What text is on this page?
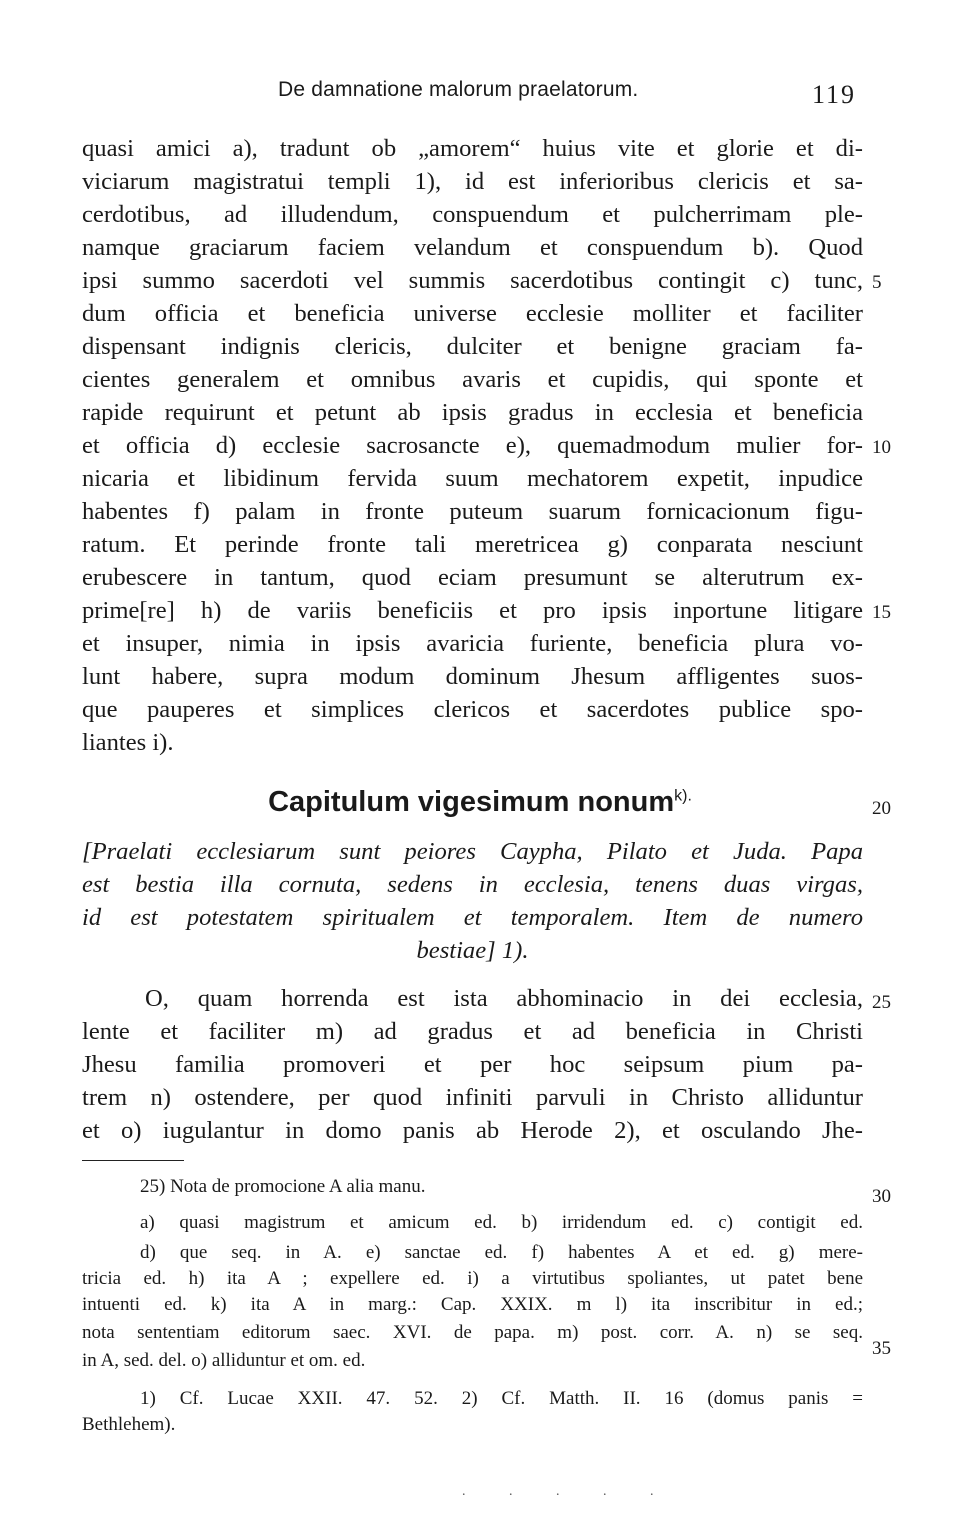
De damnatione malorum praelatorum.	119
quasi amici a), tradunt ob „amorem“ huius vite et glorie et di-
viciarum magistratui templi 1), id est inferioribus clericis et sa-
cerdotibus, ad illudendum, conspuendum et pulcherrimam ple-
namque graciarum faciem velandum et conspuendum b). Quod
ipsi summo sacerdoti vel summis sacerdotibus contingit c) tunc,
dum officia et beneficia universe ecclesie molliter et faciliter
dispensant indignis clericis, dulciter et benigne graciam fa-
cientes generalem et omnibus avaris et cupidis, qui sponte et
rapide requirunt et petunt ab ipsis gradus in ecclesia et beneficia
et officia d) ecclesie sacrosancte e), quemadmodum mulier for-
nicaria et libidinum fervida suum mechatorem expetit, inpudice
habentes f) palam in fronte puteum suarum fornicacionum figu-
ratum. Et perinde fronte tali meretricea g) conparata nesciunt
erubescere in tantum, quod eciam presumunt se alterutrum ex-
prime[re] h) de variis beneficiis et pro ipsis inportune litigare
et insuper, nimia in ipsis avaricia furiente, beneficia plura vo-
lunt habere, supra modum dominum Jhesum affligentes suos-
que pauperes et simplices clericos et sacerdotes publice spo-
liantes i).
5
10
15
20
25
30
35
Capitulum vigesimum nonum$^{k).}$
[Praelati ecclesiarum sunt peiores Caypha, Pilato et Juda. Papa
est bestia illa cornuta, sedens in ecclesia, tenens duas virgas,
id est potestatem spiritualem et temporalem. Item de numero
bestiae] 1).
O, quam horrenda est ista abhominacio in dei ecclesia,
lente et faciliter m) ad gradus et ad beneficia in Christi
Jhesu familia promoveri et per hoc seipsum pium pa-
trem n) ostendere, per quod infiniti parvuli in Christo alliduntur
et o) iugulantur in domo panis ab Herode 2), et osculando Jhe-
25) Nota de promocione A alia manu.
a) quasi magistrum et amicum ed. b) irridendum ed. c) contigit ed.
d) que seq. in A. e) sanctae ed. f) habentes A et ed. g) mere-
tricia ed. h) ita A ; expellere ed. i) a virtutibus spoliantes, ut patet bene
intuenti ed. k) ita A in marg.: Cap. XXIX. m l) ita inscribitur in ed.;
nota sententiam editorum saec. XVI. de papa. m) post. corr. A. n) se seq.
in A, sed. del. o) alliduntur et om. ed.
1) Cf. Lucae XXII. 47. 52. 2) Cf. Matth. II. 16 (domus panis =
Bethlehem).
. . . . .
